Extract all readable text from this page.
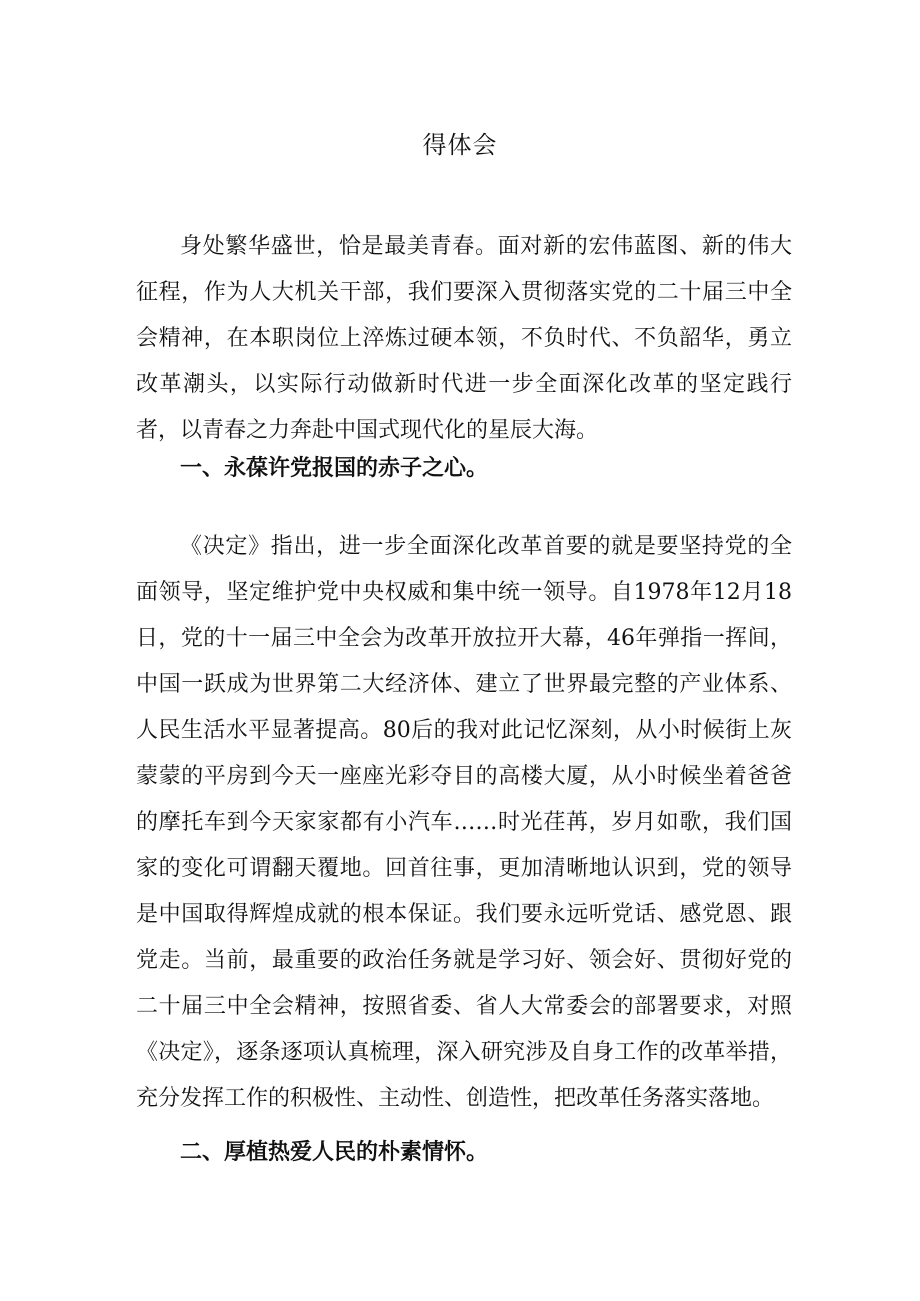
得体会

身处繁华盛世，恰是最美青春。面对新的宏伟蓝图、新的伟大征程，作为人大机关干部，我们要深入贯彻落实党的二十届三中全会精神，在本职岗位上淬炼过硬本领，不负时代、不负韶华，勇立改革潮头，以实际行动做新时代进一步全面深化改革的坚定践行者，以青春之力奔赴中国式现代化的星辰大海。

一、永葆许党报国的赤子之心。

《决定》指出，进一步全面深化改革首要的就是要坚持党的全面领导，坚定维护党中央权威和集中统一领导。自1978年12月18日，党的十一届三中全会为改革开放拉开大幕，46年弹指一挥间，中国一跃成为世界第二大经济体、建立了世界最完整的产业体系、人民生活水平显著提高。80后的我对此记忆深刻，从小时候街上灰蒙蒙的平房到今天一座座光彩夺目的高楼大厦，从小时候坐着爸爸的摩托车到今天家家都有小汽车……时光荏苒，岁月如歌，我们国家的变化可谓翻天覆地。回首往事，更加清晰地认识到，党的领导是中国取得辉煌成就的根本保证。我们要永远听党话、感党恩、跟党走。当前，最重要的政治任务就是学习好、领会好、贯彻好党的二十届三中全会精神，按照省委、省人大常委会的部署要求，对照《决定》，逐条逐项认真梳理，深入研究涉及自身工作的改革举措，充分发挥工作的积极性、主动性、创造性，把改革任务落实落地。

二、厚植热爱人民的朴素情怀。
